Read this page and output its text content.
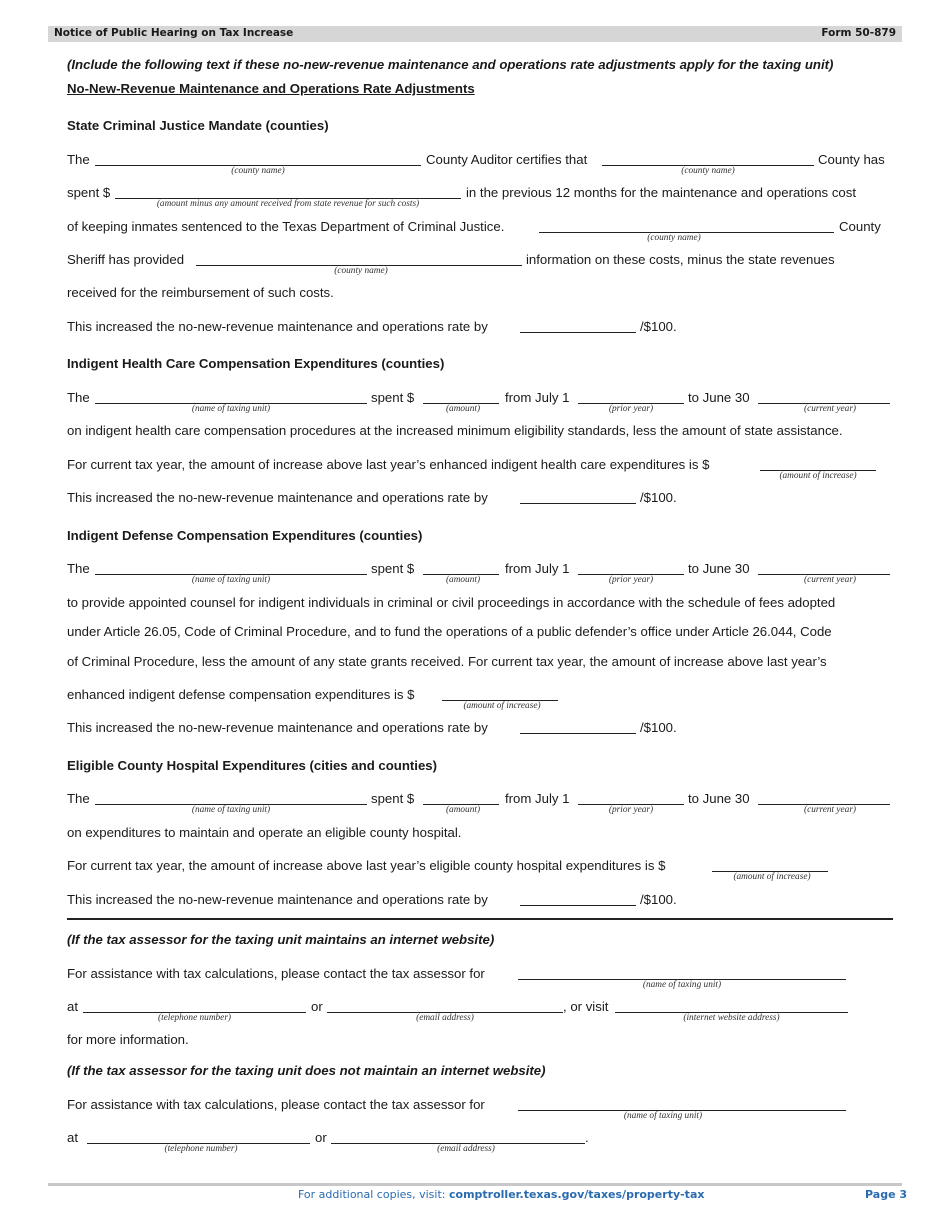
Notice of Public Hearing on Tax Increase	Form 50-879
(Include the following text if these no-new-revenue maintenance and operations rate adjustments apply for the taxing unit)
No-New-Revenue Maintenance and Operations Rate Adjustments
State Criminal Justice Mandate (counties)
The
(county name)
County Auditor certifies that
(county name)
County has
spent $
(amount minus any amount received from state revenue for such costs)
in the previous 12 months for the maintenance and operations cost
of keeping inmates sentenced to the Texas Department of Criminal Justice.
(county name)
County
Sheriff has provided
(county name)
information on these costs, minus the state revenues
received for the reimbursement of such costs.
This increased the no-new-revenue maintenance and operations rate by	/$100.
Indigent Health Care Compensation Expenditures (counties)
The
(name of taxing unit)
spent $
(amount)
from July 1
(prior year)
to June 30
(current year)
on indigent health care compensation procedures at the increased minimum eligibility standards, less the amount of state assistance.
For current tax year, the amount of increase above last year’s enhanced indigent health care expenditures is $
(amount of increase)
This increased the no-new-revenue maintenance and operations rate by	/$100.
Indigent Defense Compensation Expenditures (counties)
The
(name of taxing unit)
spent $
(amount)
from July 1
(prior year)
to June 30
(current year)
to provide appointed counsel for indigent individuals in criminal or civil proceedings in accordance with the schedule of fees adopted
under Article 26.05, Code of Criminal Procedure, and to fund the operations of a public defender’s office under Article 26.044, Code
of Criminal Procedure, less the amount of any state grants received. For current tax year, the amount of increase above last year’s
enhanced indigent defense compensation expenditures is $
(amount of increase)
This increased the no-new-revenue maintenance and operations rate by	/$100.
Eligible County Hospital Expenditures (cities and counties)
The
(name of taxing unit)
spent $
(amount)
from July 1
(prior year)
to June 30
(current year)
on expenditures to maintain and operate an eligible county hospital.
For current tax year, the amount of increase above last year’s eligible county hospital expenditures is $
(amount of increase)
This increased the no-new-revenue maintenance and operations rate by	/$100.
(If the tax assessor for the taxing unit maintains an internet website)
For assistance with tax calculations, please contact the tax assessor for
(name of taxing unit)
at
(telephone number)
or
(email address)
, or visit
(internet website address)
for more information.
(If the tax assessor for the taxing unit does not maintain an internet website)
For assistance with tax calculations, please contact the tax assessor for
(name of taxing unit)
at
(telephone number)
or
(email address)
.
For additional copies, visit: comptroller.texas.gov/taxes/property-tax	Page 3
